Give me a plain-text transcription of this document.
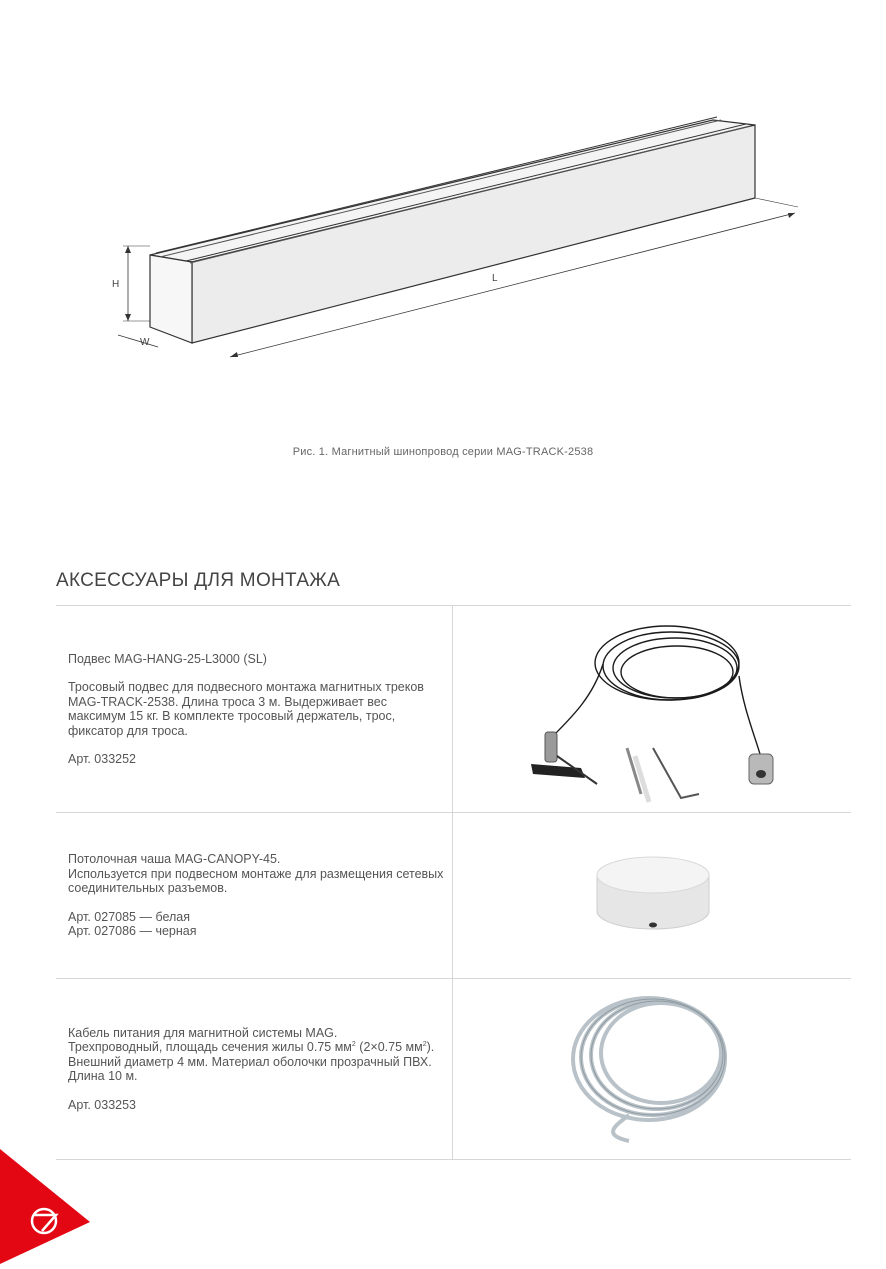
H
W
L
Рис. 1. Магнитный шинопровод серии MAG-TRACK-2538
АКСЕССУАРЫ ДЛЯ МОНТАЖА

Подвес MAG-HANG-25-L3000 (SL)

Тросовый подвес для подвесного монтажа магнитных треков MAG-TRACK-2538. Длина троса 3 м. Выдерживает вес максимум 15 кг. В комплекте тросовый держатель, трос, фиксатор для троса.

Арт. 033252

Потолочная чаша MAG-CANOPY-45.

Используется при подвесном монтаже для размещения сетевых соединительных разъемов.

Арт. 027085 — белая

Арт. 027086 — черная

Кабель питания для магнитной системы MAG.

Трехпроводный, площадь сечения жилы 0.75 $мм^2$ (2×0.75 $мм^2$). Внешний диаметр 4 мм. Материал оболочки прозрачный ПВХ. Длина 10 м.

Арт. 033253
